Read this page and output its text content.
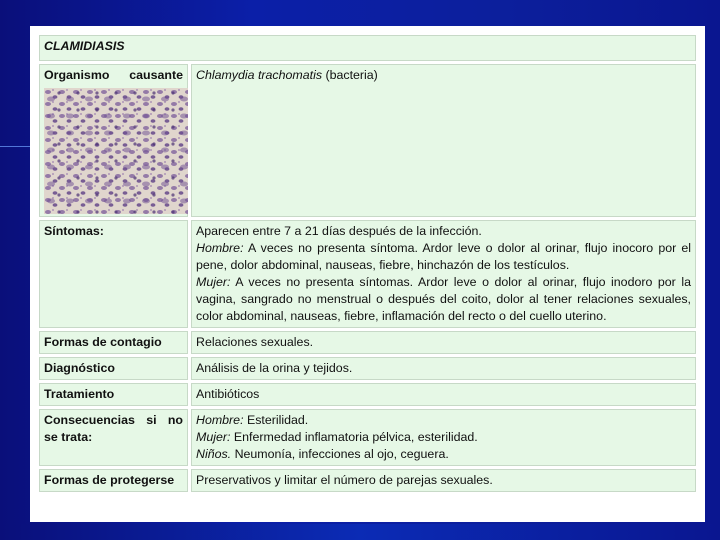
CLAMIDIASIS	

Organismo causante	Chlamydia trachomatis (bacteria)
Síntomas:	Aparecen entre 7 a 21 días después de la infección.
Hombre: A veces no presenta síntoma. Ardor leve o dolor al orinar, flujo inocoro por el pene, dolor abdominal, nauseas, fiebre, hinchazón de los testículos.
Mujer: A veces no presenta síntomas. Ardor leve o dolor al orinar, flujo inodoro por la vagina, sangrado no menstrual o después del coito, dolor al tener relaciones sexuales, color abdominal, nauseas, fiebre, inflamación del recto o del cuello uterino.

Formas de contagio	Relaciones sexuales.
Diagnóstico	Análisis de la orina y tejidos.
Tratamiento	Antibióticos
Consecuencias si no se trata:	Hombre: Esterilidad.
Mujer: Enfermedad inflamatoria pélvica, esterilidad.
Niños. Neumonía, infecciones al ojo, ceguera.

Formas de protegerse	Preservativos y limitar el número de parejas sexuales.
